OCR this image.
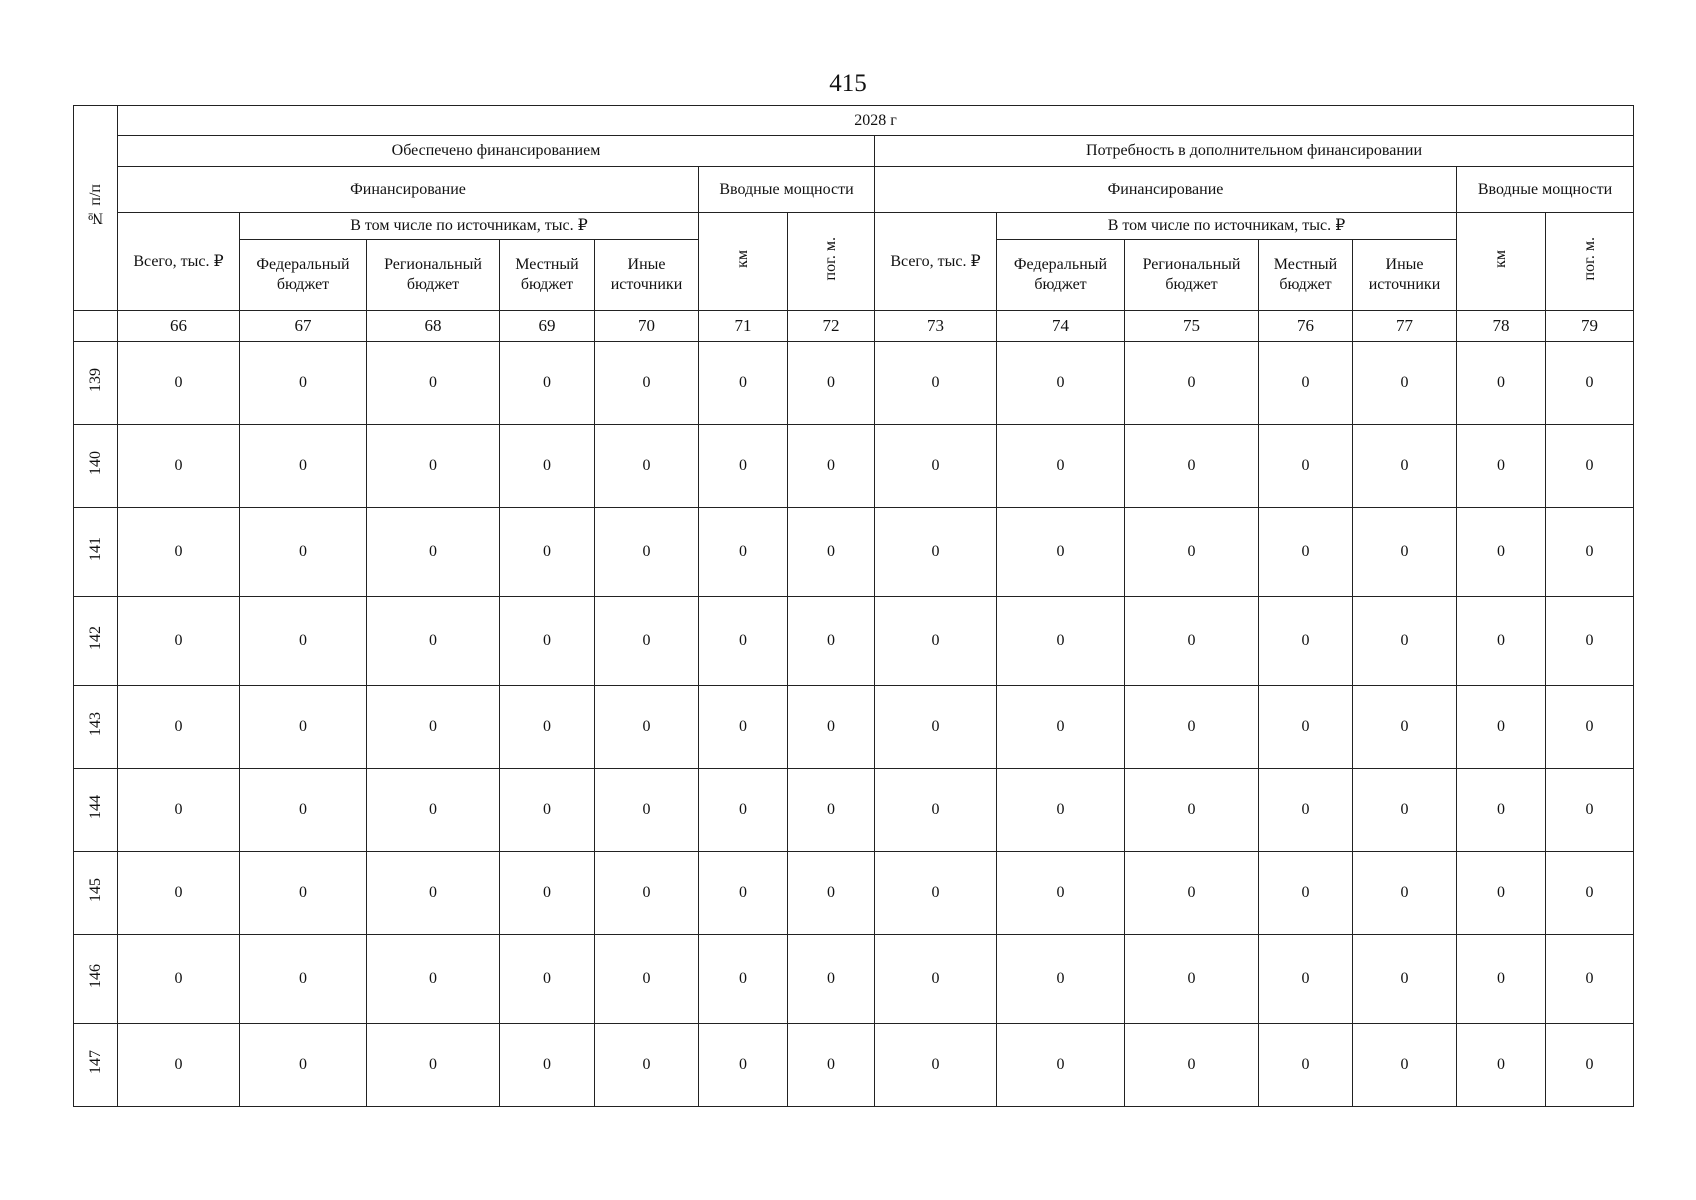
415
№ п/п	2028 г													
	Обеспечено финансированием							Потребность в дополнительном финансировании						
	Финансирование					Вводные мощности		Финансирование					Вводные мощности	
	Всего, тыс. ₽	В том числе по источникам, тыс. ₽				км	пог. м.	Всего, тыс. ₽	В том числе по источникам, тыс. ₽				км	пог. м.
		Федеральный бюджет	Региональный бюджет	Местный бюджет	Иные источники				Федеральный бюджет	Региональный бюджет	Местный бюджет	Иные источники		
	66	67	68	69	70	71	72	73	74	75	76	77	78	79
139	0	0	0	0	0	0	0	0	0	0	0	0	0	0
140	0	0	0	0	0	0	0	0	0	0	0	0	0	0
141	0	0	0	0	0	0	0	0	0	0	0	0	0	0
142	0	0	0	0	0	0	0	0	0	0	0	0	0	0
143	0	0	0	0	0	0	0	0	0	0	0	0	0	0
144	0	0	0	0	0	0	0	0	0	0	0	0	0	0
145	0	0	0	0	0	0	0	0	0	0	0	0	0	0
146	0	0	0	0	0	0	0	0	0	0	0	0	0	0
147	0	0	0	0	0	0	0	0	0	0	0	0	0	0
